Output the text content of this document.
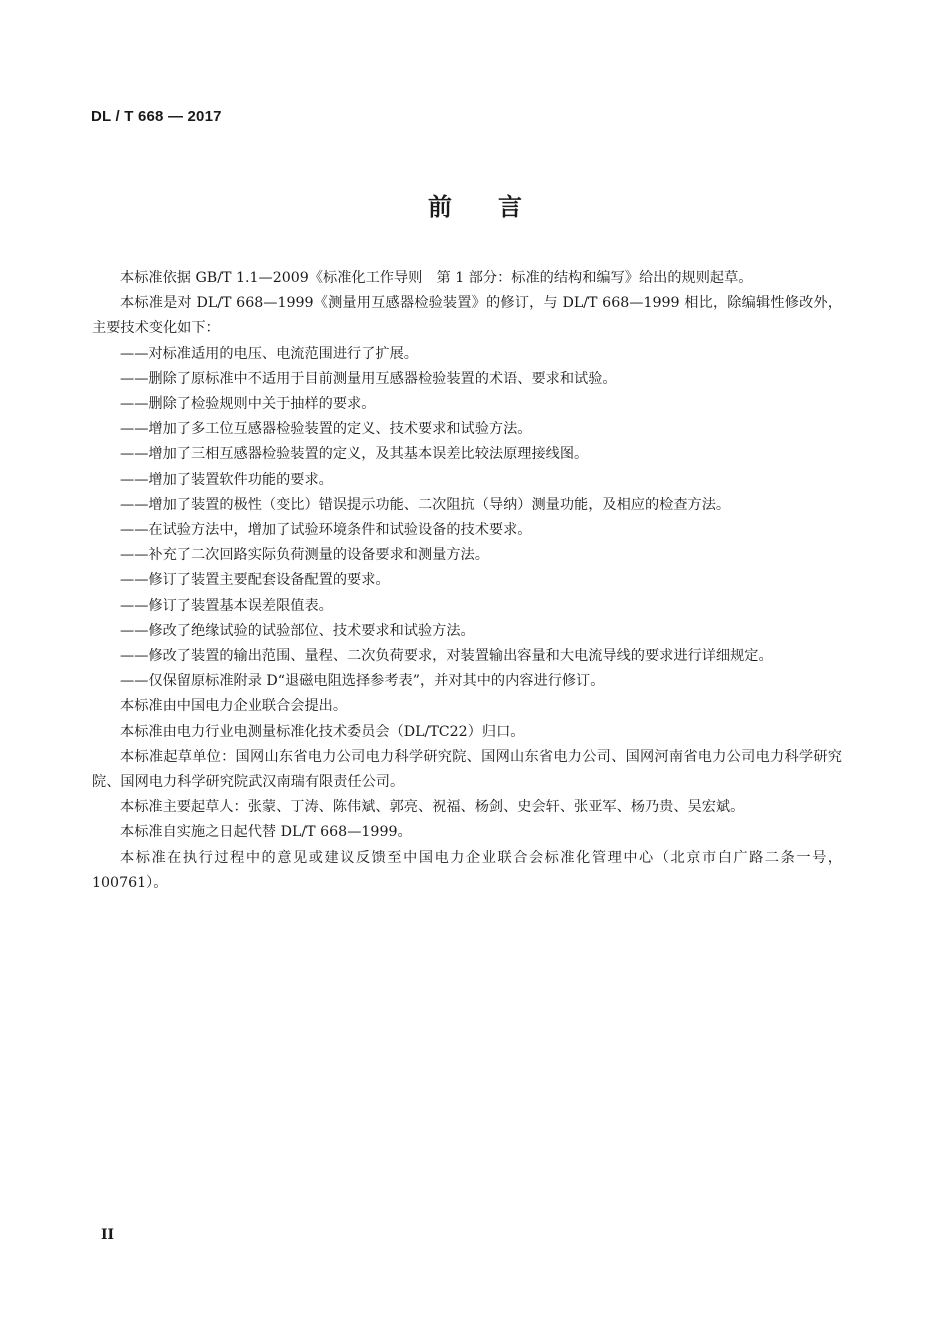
DL / T 668 — 2017
前言

本标准依据 GB/T 1.1—2009《标准化工作导则　第 1 部分：标准的结构和编写》给出的规则起草。

本标准是对 DL/T 668—1999《测量用互感器检验装置》的修订，与 DL/T 668—1999 相比，除编辑性修改外，主要技术变化如下：

——对标准适用的电压、电流范围进行了扩展。
——删除了原标准中不适用于目前测量用互感器检验装置的术语、要求和试验。
——删除了检验规则中关于抽样的要求。
——增加了多工位互感器检验装置的定义、技术要求和试验方法。
——增加了三相互感器检验装置的定义，及其基本误差比较法原理接线图。
——增加了装置软件功能的要求。
——增加了装置的极性（变比）错误提示功能、二次阻抗（导纳）测量功能，及相应的检查方法。
——在试验方法中，增加了试验环境条件和试验设备的技术要求。
——补充了二次回路实际负荷测量的设备要求和测量方法。
——修订了装置主要配套设备配置的要求。
——修订了装置基本误差限值表。
——修改了绝缘试验的试验部位、技术要求和试验方法。
——修改了装置的输出范围、量程、二次负荷要求，对装置输出容量和大电流导线的要求进行详细规定。
——仅保留原标准附录 D“退磁电阻选择参考表”，并对其中的内容进行修订。

本标准由中国电力企业联合会提出。

本标准由电力行业电测量标准化技术委员会（DL/TC22）归口。

本标准起草单位：国网山东省电力公司电力科学研究院、国网山东省电力公司、国网河南省电力公司电力科学研究院、国网电力科学研究院武汉南瑞有限责任公司。

本标准主要起草人：张蒙、丁涛、陈伟斌、郭亮、祝福、杨剑、史会轩、张亚军、杨乃贵、吴宏斌。

本标准自实施之日起代替 DL/T 668—1999。

本标准在执行过程中的意见或建议反馈至中国电力企业联合会标准化管理中心（北京市白广路二条一号，100761）。

II
